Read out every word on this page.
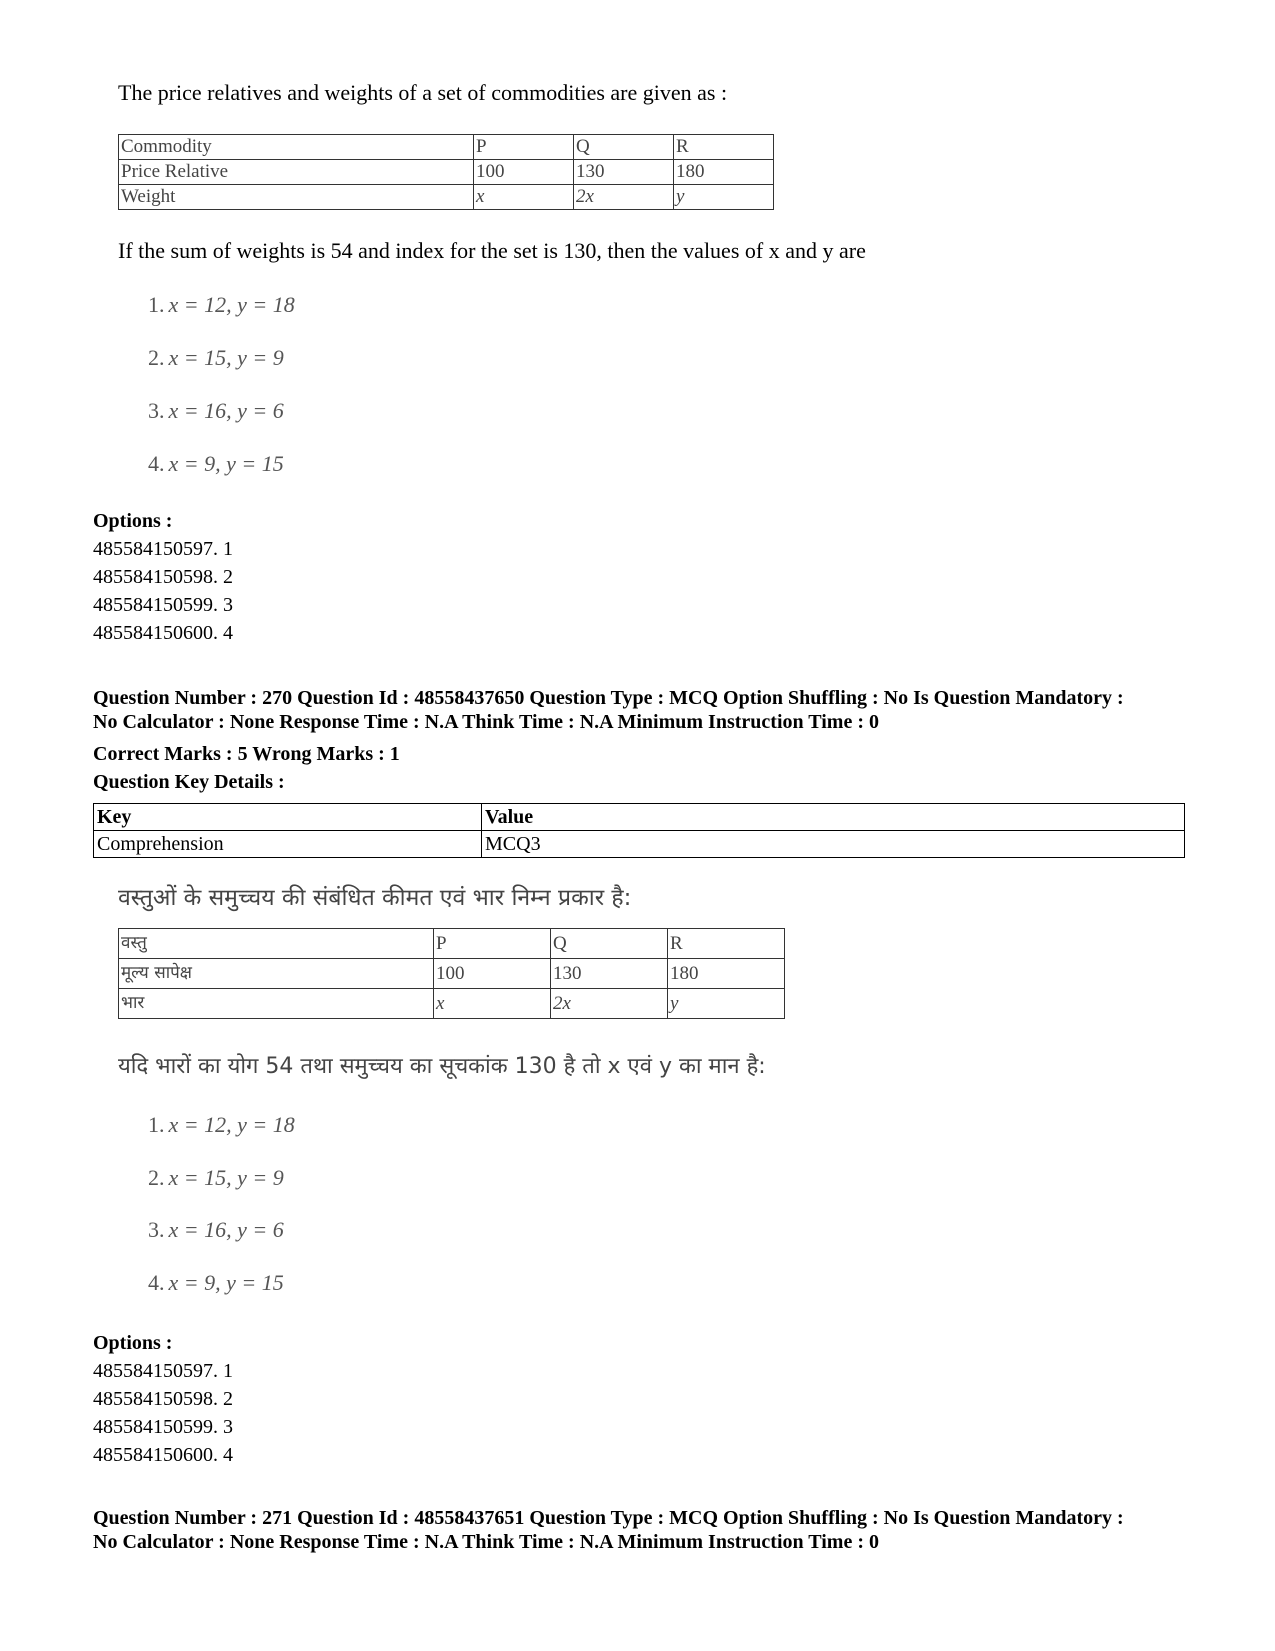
The price relatives and weights of a set of commodities are given as :
Commodity	P	Q	R
Price Relative	100	130	180
Weight	x	2x	y
If the sum of weights is 54 and index for the set is 130, then the values of x and y are
1. x = 12, y = 18
2. x = 15, y = 9
3. x = 16, y = 6
4. x = 9, y = 15
Options :
485584150597. 1
485584150598. 2
485584150599. 3
485584150600. 4
Question Number : 270 Question Id : 48558437650 Question Type : MCQ Option Shuffling : No Is Question Mandatory :
No Calculator : None Response Time : N.A Think Time : N.A Minimum Instruction Time : 0
Correct Marks : 5 Wrong Marks : 1
Question Key Details :
Key	Value
Comprehension	MCQ3
वस्तुओं के समुच्चय की संबंधित कीमत एवं भार निम्न प्रकार है:
वस्तु	P	Q	R
मूल्य सापेक्ष	100	130	180
भार	x	2x	y
यदि भारों का योग 54 तथा समुच्चय का सूचकांक 130 है तो x एवं y का मान है:
1. x = 12, y = 18
2. x = 15, y = 9
3. x = 16, y = 6
4. x = 9, y = 15
Options :
485584150597. 1
485584150598. 2
485584150599. 3
485584150600. 4
Question Number : 271 Question Id : 48558437651 Question Type : MCQ Option Shuffling : No Is Question Mandatory :
No Calculator : None Response Time : N.A Think Time : N.A Minimum Instruction Time : 0
